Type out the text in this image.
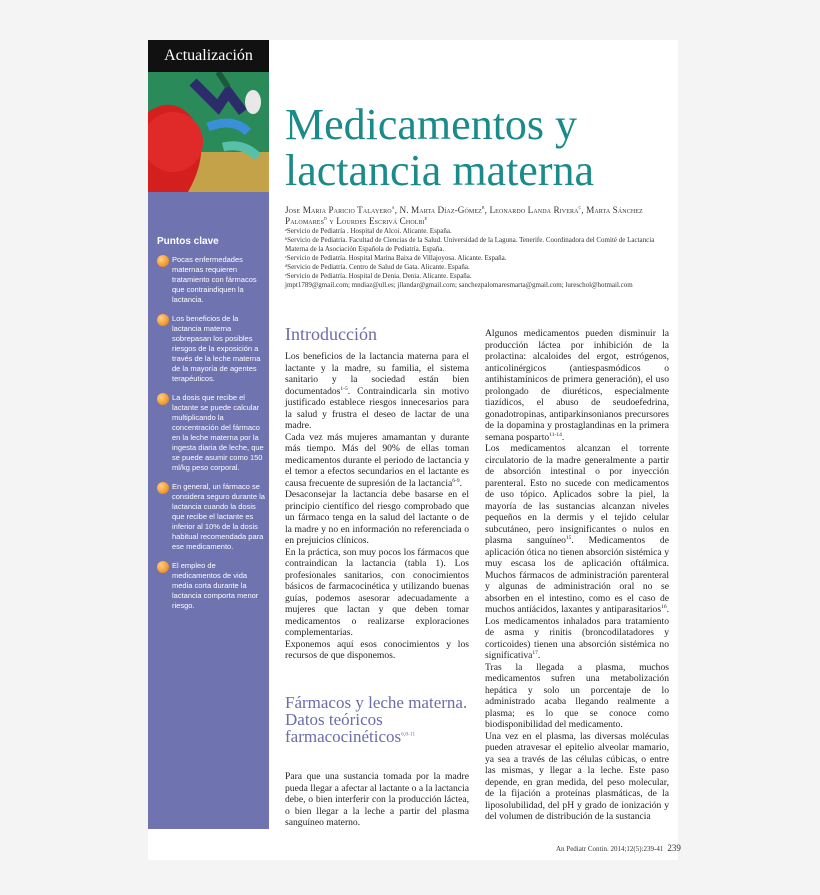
Actualización
Medicamentos y
lactancia materna
Jose Maria Paricio Talayero$^a$, N. Marta Díaz-Gómez$^b$, Leonardo Landa Rivera$^c$, Marta Sánchez Palomares$^d$ y Lourdes Escrivá Cholbi$^e$
ᵃServicio de Pediatría . Hospital de Alcoi. Alicante. España.
ᵇServicio de Pediatría. Facultad de Ciencias de la Salud. Universidad de la Laguna. Tenerife. Coordinadora del Comité de Lactancia Materna de la Asociación Española de Pediatría. España.
ᶜServicio de Pediatría. Hospital Marina Baixa de Villajoyosa. Alicante. España.
ᵈServicio de Pediatría. Centro de Salud de Gata. Alicante. España.
ᵉServicio de Pediatría. Hospital de Denia. Denia. Alicante. España.
jmpt1789@gmail.com; mndiaz@ull.es; jllandar@gmail.com; sanchezpalomaresmarta@gmail.com; lureschol@hotmail.com
Puntos clave
Pocas enfermedades maternas requieren tratamiento con fármacos que contraindiquen la lactancia.
Los beneficios de la lactancia materna sobrepasan los posibles riesgos de la exposición a través de la leche materna de la mayoría de agentes terapéuticos.
La dosis que recibe el lactante se puede calcular multiplicando la concentración del fármaco en la leche materna por la ingesta diaria de leche, que se puede asumir como 150 ml/kg peso corporal.
En general, un fármaco se considera seguro durante la lactancia cuando la dosis que recibe el lactante es inferior al 10% de la dosis habitual recomendada para ese medicamento.
El empleo de medicamentos de vida media corta durante la lactancia comporta menor riesgo.
Introducción

Los beneficios de la lactancia materna para el lactante y la madre, su familia, el sistema sanitario y la sociedad están bien documentados$^{1-5}$. Contraindicarla sin motivo justificado establece riesgos innecesarios para la salud y frustra el deseo de lactar de una madre.

Cada vez más mujeres amamantan y durante más tiempo. Más del 90% de ellas toman medicamentos durante el periodo de lactancia y el temor a efectos secundarios en el lactante es causa frecuente de supresión de la lactancia$^{6-9}$.

Desaconsejar la lactancia debe basarse en el principio científico del riesgo comprobado que un fármaco tenga en la salud del lactante o de la madre y no en información no referenciada o en prejuicios clínicos.

En la práctica, son muy pocos los fármacos que contraindican la lactancia (tabla 1). Los profesionales sanitarios, con conocimientos básicos de farmacocinética y utilizando buenas guías, podemos asesorar adecuadamente a mujeres que lactan y que deben tomar medicamentos o realizarse exploraciones complementarias.

Exponemos aquí esos conocimientos y los recursos de que disponemos.

Fármacos y leche materna. Datos teóricos farmacocinéticos$^{6,8-11}$

Para que una sustancia tomada por la madre pueda llegar a afectar al lactante o a la lactancia debe, o bien interferir con la producción láctea, o bien llegar a la leche a partir del plasma sanguíneo materno.

Algunos medicamentos pueden disminuir la producción láctea por inhibición de la prolactina: alcaloides del ergot, estrógenos, anticolinérgicos (antiespasmódicos o antihistamínicos de primera generación), el uso prolongado de diuréticos, especialmente tiazídicos, el abuso de seudoefedrina, gonadotropinas, antiparkinsonianos precursores de la dopamina y prostaglandinas en la primera semana posparto$^{11-14}$.

Los medicamentos alcanzan el torrente circulatorio de la madre generalmente a partir de absorción intestinal o por inyección parenteral. Esto no sucede con medicamentos de uso tópico. Aplicados sobre la piel, la mayoría de las sustancias alcanzan niveles pequeños en la dermis y el tejido celular subcutáneo, pero insignificantes o nulos en plasma sanguíneo$^{15}$. Medicamentos de aplicación ótica no tienen absorción sistémica y muy escasa los de aplicación oftálmica. Muchos fármacos de administración parenteral y algunas de administración oral no se absorben en el intestino, como es el caso de muchos antiácidos, laxantes y antiparasitarios$^{16}$. Los medicamentos inhalados para tratamiento de asma y rinitis (broncodilatadores y corticoides) tienen una absorción sistémica no significativa$^{17}$.

Tras la llegada a plasma, muchos medicamentos sufren una metabolización hepática y solo un porcentaje de lo administrado acaba llegando realmente a plasma; es lo que se conoce como biodisponibilidad del medicamento.

Una vez en el plasma, las diversas moléculas pueden atravesar el epitelio alveolar mamario, ya sea a través de las células cúbicas, o entre las mismas, y llegar a la leche. Este paso depende, en gran medida, del peso molecular, de la fijación a proteínas plasmáticas, de la liposolubilidad, del pH y grado de ionización y del volumen de distribución de la sustancia

An Pediatr Contin. 2014;12(5):239-41 239
